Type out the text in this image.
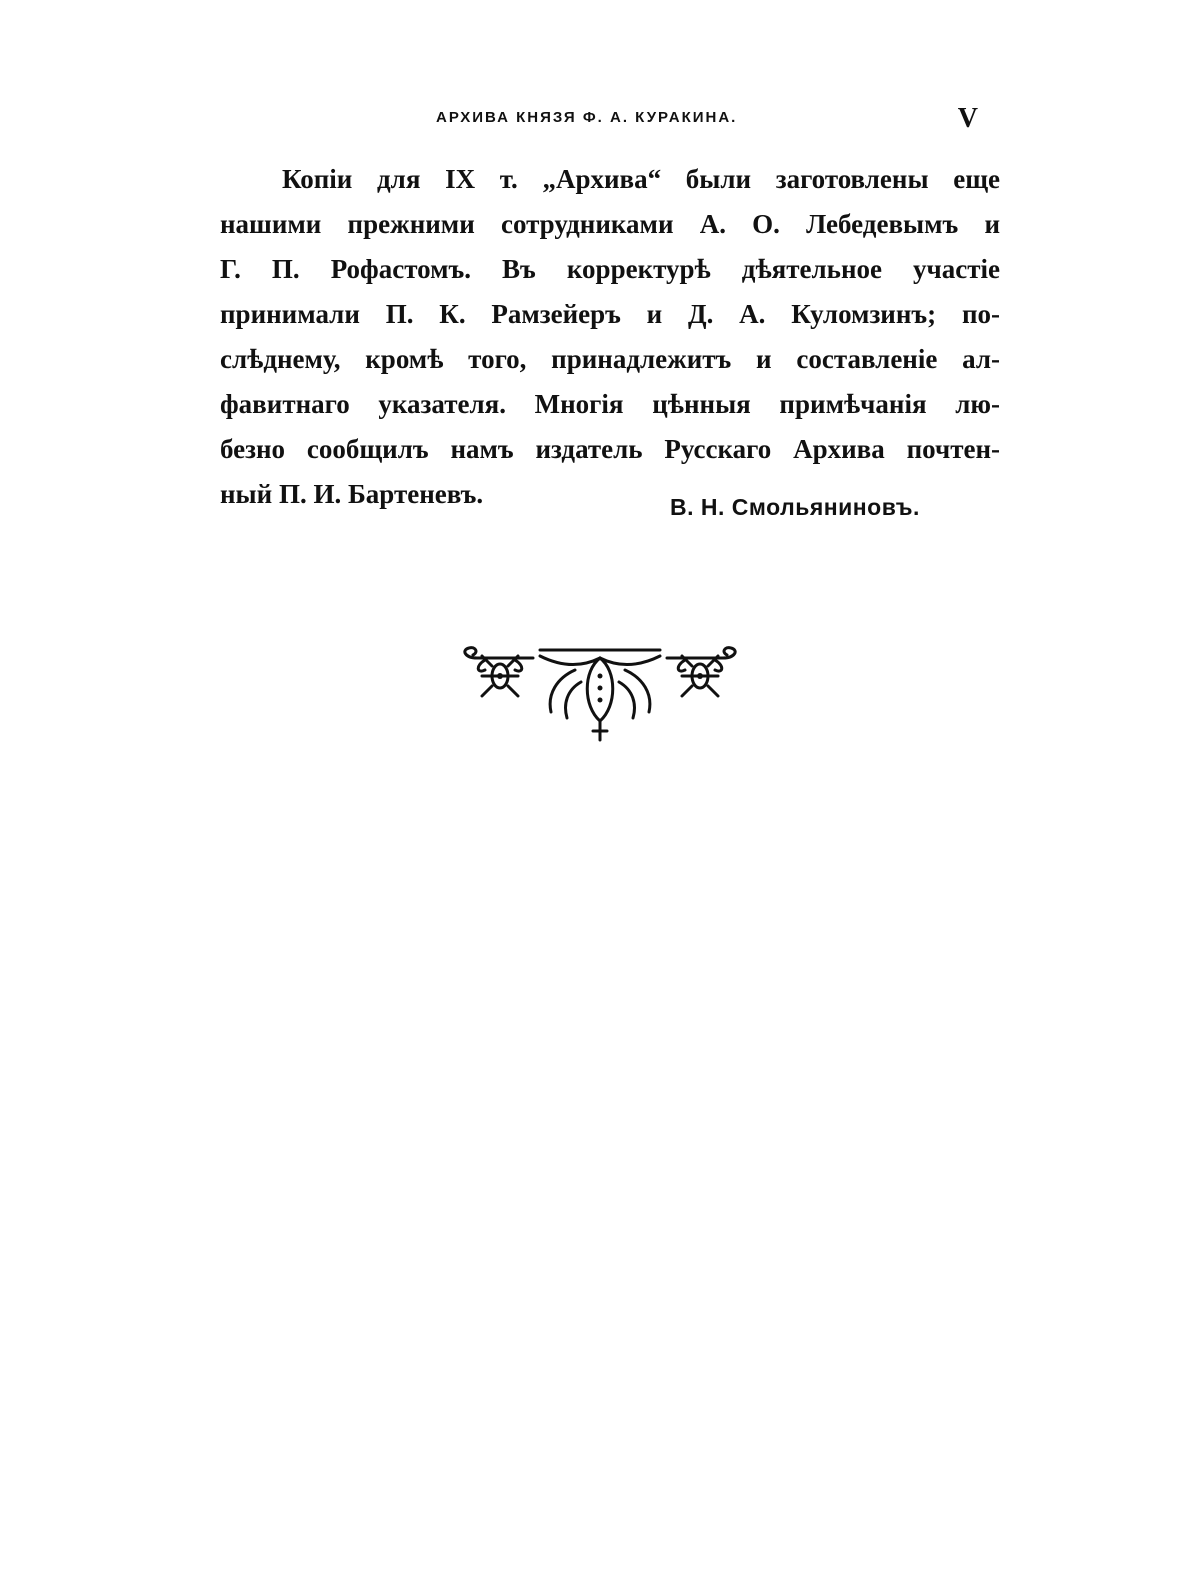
АРХИВА КНЯЗЯ Ф. А. КУРАКИНА.	V
Копіи для IX т. „Архива“ были заготовлены еще
нашими прежними сотрудниками А. О. Лебедевымъ и
Г. П. Рофастомъ. Въ корректурѣ дѣятельное участіе
принимали П. К. Рамзейеръ и Д. А. Куломзинъ; по-
слѣднему, кромѣ того, принадлежитъ и составленіе ал-
фавитнаго указателя. Многія цѣнныя примѣчанія лю-
безно сообщилъ намъ издатель Русскаго Архива почтен-
ный П. И. Бартеневъ.	В. Н. Смольяниновъ.
